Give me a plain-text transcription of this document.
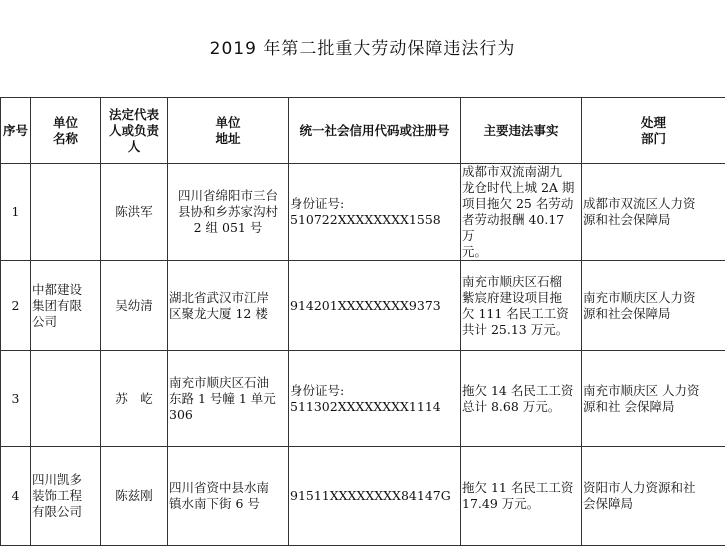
2019 年第二批重大劳动保障违法行为
序号	单位
名称	法定代表
人或负责
人	单位
地址	统一社会信用代码或注册号	主要违法事实	处理
部门
1		陈洪军	四川省绵阳市三台
县协和乡苏家沟村
2 组 051 号	身份证号:
510722XXXXXXXX1558	成都市双流南湖九
龙仓时代上城 2A 期
项目拖欠 25 名劳动
者劳动报酬 40.17 万
元。	成都市双流区人力资
源和社会保障局
2	中都建设
集团有限
公司	吴幼清	湖北省武汉市江岸
区聚龙大厦 12 楼	914201XXXXXXXX9373	南充市顺庆区石榴
紫宸府建设项目拖
欠 111 名民工工资
共计 25.13 万元。	南充市顺庆区人力资
源和社会保障局
3		苏　屹	南充市顺庆区石油
东路 1 号幢 1 单元
306	身份证号:
511302XXXXXXXX1114	拖欠 14 名民工工资
总计 8.68 万元。	南充市顺庆区 人力资
源和社 会保障局
4	四川凯多
装饰工程
有限公司	陈兹刚	四川省资中县水南
镇水南下街 6 号	91511XXXXXXXX84147G	拖欠 11 名民工工资
17.49 万元。	资阳市人力资源和社
会保障局
